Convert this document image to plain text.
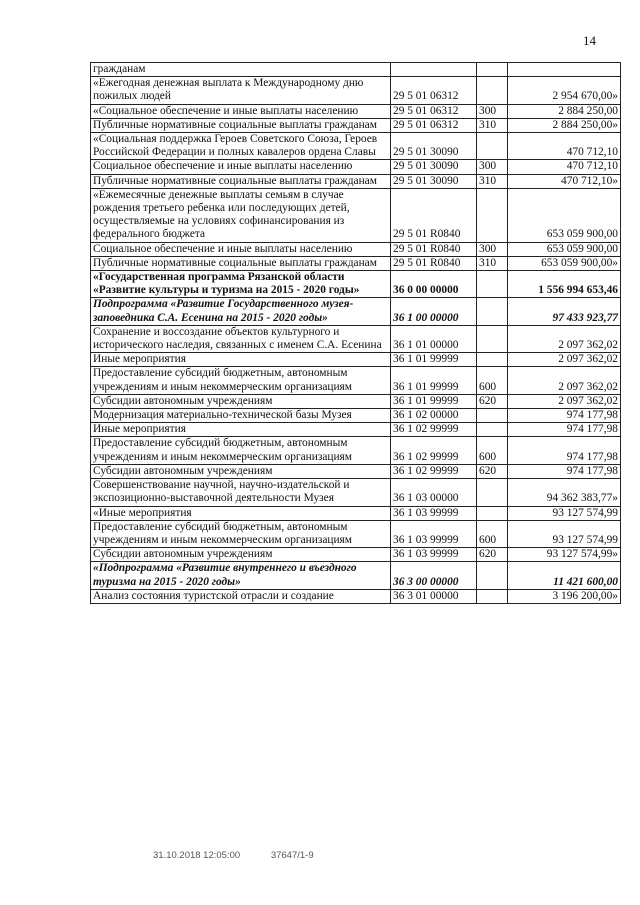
14
гражданам			
«Ежегодная денежная выплата к Международному дню пожилых людей	29 5 01 06312		2 954 670,00»
«Социальное обеспечение и иные выплаты населению	29 5 01 06312	300	2 884 250,00
Публичные нормативные социальные выплаты гражданам	29 5 01 06312	310	2 884 250,00»
«Социальная поддержка Героев Советского Союза, Героев Российской Федерации и полных кавалеров ордена Славы	29 5 01 30090		470 712,10
Социальное обеспечение и иные выплаты населению	29 5 01 30090	300	470 712,10
Публичные нормативные социальные выплаты гражданам	29 5 01 30090	310	470 712,10»
«Ежемесячные денежные выплаты семьям в случае рождения третьего ребенка или последующих детей, осуществляемые на условиях софинансирования из федерального бюджета	29 5 01 R0840		653 059 900,00
Социальное обеспечение и иные выплаты населению	29 5 01 R0840	300	653 059 900,00
Публичные нормативные социальные выплаты гражданам	29 5 01 R0840	310	653 059 900,00»
«Государственная программа Рязанской области «Развитие культуры и туризма на 2015 - 2020 годы»	36 0 00 00000		1 556 994 653,46
Подпрограмма «Развитие Государственного музея-заповедника С.А. Есенина на 2015 - 2020 годы»	36 1 00 00000		97 433 923,77
Сохранение и воссоздание объектов культурного и исторического наследия, связанных с именем С.А. Есенина	36 1 01 00000		2 097 362,02
Иные мероприятия	36 1 01 99999		2 097 362,02
Предоставление субсидий бюджетным, автономным учреждениям и иным некоммерческим организациям	36 1 01 99999	600	2 097 362,02
Субсидии автономным учреждениям	36 1 01 99999	620	2 097 362,02
Модернизация материально-технической базы Музея	36 1 02 00000		974 177,98
Иные мероприятия	36 1 02 99999		974 177,98
Предоставление субсидий бюджетным, автономным учреждениям и иным некоммерческим организациям	36 1 02 99999	600	974 177,98
Субсидии автономным учреждениям	36 1 02 99999	620	974 177,98
Совершенствование научной, научно-издательской и экспозиционно-выставочной деятельности Музея	36 1 03 00000		94 362 383,77»
«Иные мероприятия	36 1 03 99999		93 127 574,99
Предоставление субсидий бюджетным, автономным учреждениям и иным некоммерческим организациям	36 1 03 99999	600	93 127 574,99
Субсидии автономным учреждениям	36 1 03 99999	620	93 127 574,99»
«Подпрограмма «Развитие внутреннего и въездного туризма на 2015 - 2020 годы»	36 3 00 00000		11 421 600,00
Анализ состояния туристской отрасли и создание	36 3 01 00000		3 196 200,00»
31.10.2018 12:05:00	37647/1-9
